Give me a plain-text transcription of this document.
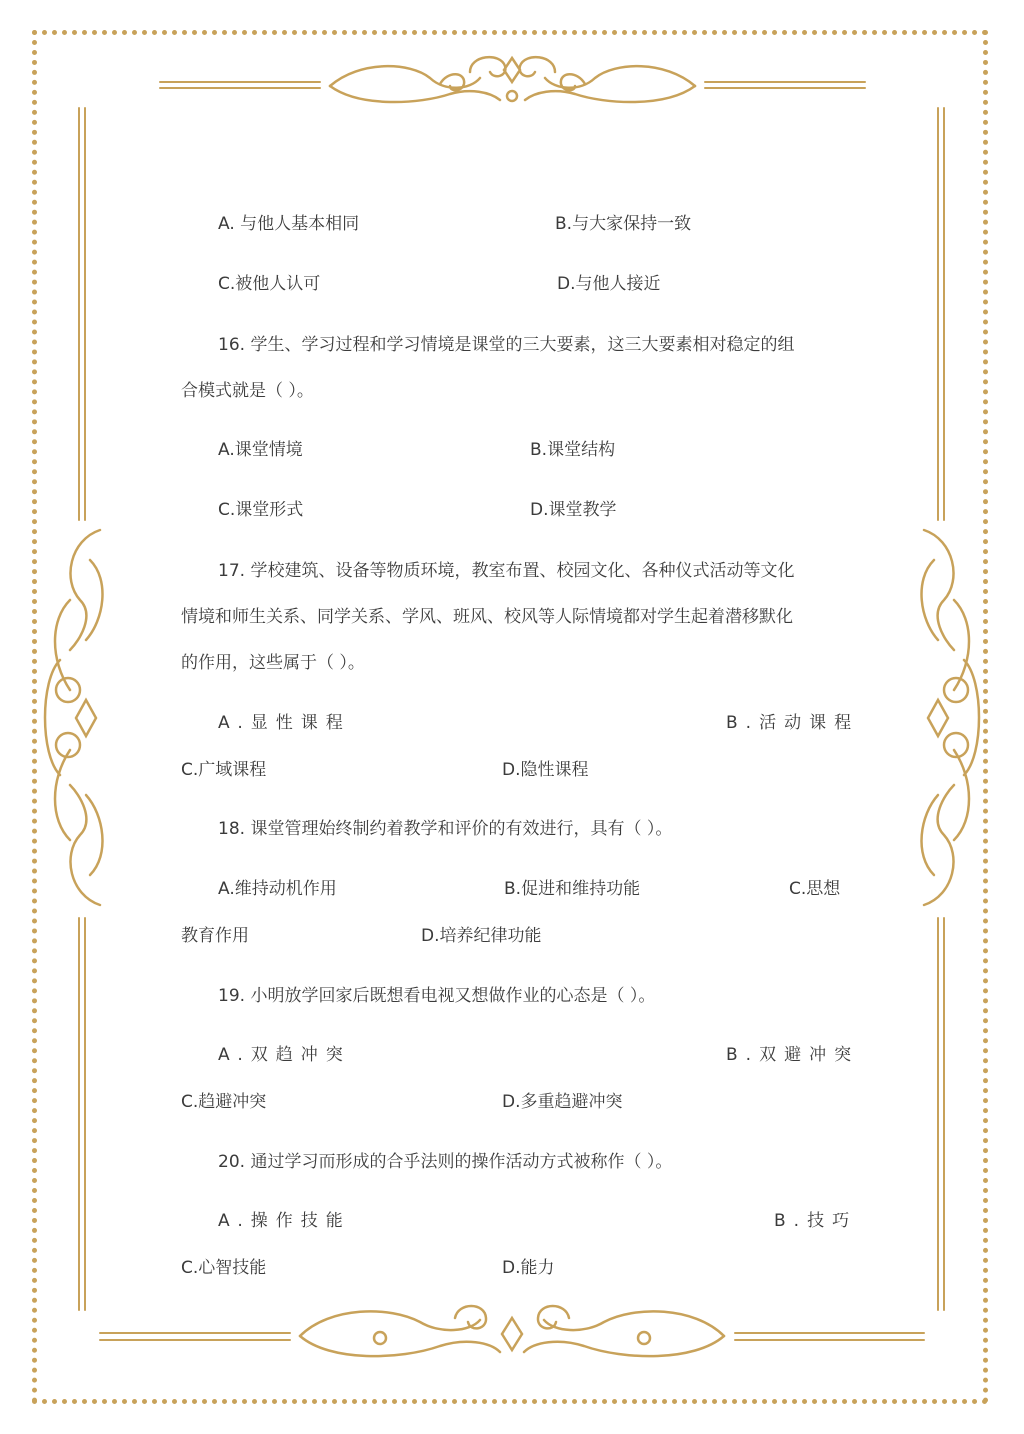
A. 与他人基本相同	B.与大家保持一致
C.被他人认可	D.与他人接近
16. 学生、学习过程和学习情境是课堂的三大要素，这三大要素相对稳定的组
合模式就是（ ）。
A.课堂情境	B.课堂结构
C.课堂形式	D.课堂教学
17. 学校建筑、设备等物质环境，教室布置、校园文化、各种仪式活动等文化
情境和师生关系、同学关系、学风、班风、校风等人际情境都对学生起着潜移默化
的作用，这些属于（ ）。
A.显性课程	B.活动课程
C.广域课程	D.隐性课程
18. 课堂管理始终制约着教学和评价的有效进行，具有（ ）。
A.维持动机作用	B.促进和维持功能	C.思想
教育作用	D.培养纪律功能
19. 小明放学回家后既想看电视又想做作业的心态是（ ）。
A.双趋冲突	B.双避冲突
C.趋避冲突	D.多重趋避冲突
20. 通过学习而形成的合乎法则的操作活动方式被称作（ ）。
A.操作技能	B.技巧
C.心智技能	D.能力
